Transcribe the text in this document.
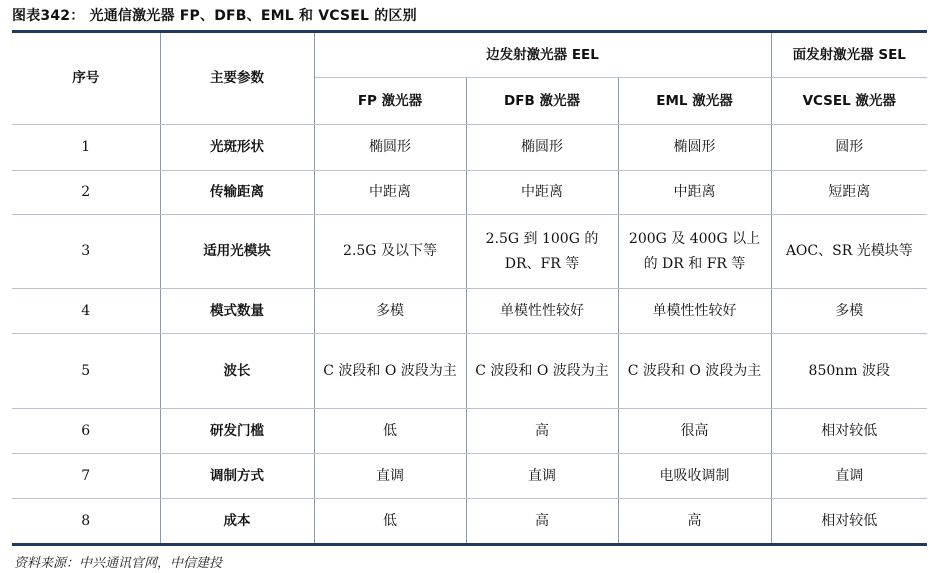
图表342： 光通信激光器 FP、DFB、EML 和 VCSEL 的区别
序号	主要参数	边发射激光器 EEL			面发射激光器 SEL
		FP 激光器	DFB 激光器	EML 激光器	VCSEL 激光器
1	光斑形状	椭圆形	椭圆形	椭圆形	圆形
2	传输距离	中距离	中距离	中距离	短距离
3	适用光模块	2.5G 及以下等	2.5G 到 100G 的 DR、FR 等	200G 及 400G 以上的 DR 和 FR 等	AOC、SR 光模块等
4	模式数量	多模	单模性性较好	单模性性较好	多模
5	波长	C 波段和 O 波段为主	C 波段和 O 波段为主	C 波段和 O 波段为主	850nm 波段
6	研发门槛	低	高	很高	相对较低
7	调制方式	直调	直调	电吸收调制	直调
8	成本	低	高	高	相对较低
资料来源：中兴通讯官网，中信建投
